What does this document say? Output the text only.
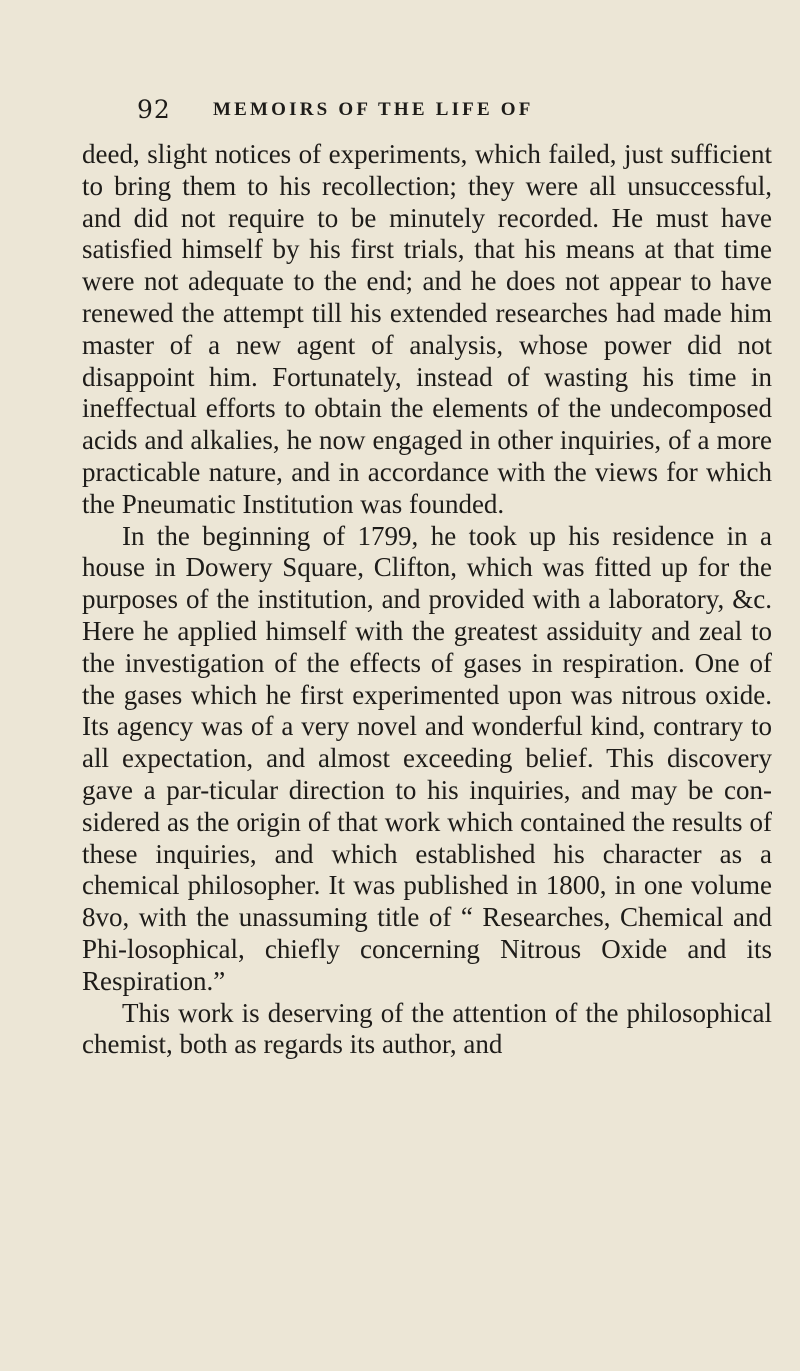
92 MEMOIRS OF THE LIFE OF

deed, slight notices of experiments, which failed, just sufficient to bring them to his recollection; they were all unsuccessful, and did not require to be minutely recorded. He must have satisfied himself by his first trials, that his means at that time were not adequate to the end; and he does not appear to have renewed the attempt till his extended researches had made him master of a new agent of analysis, whose power did not disappoint him. Fortunately, instead of wasting his time in ineffectual efforts to obtain the elements of the undecomposed acids and alkalies, he now engaged in other inquiries, of a more practicable nature, and in accordance with the views for which the Pneumatic Institution was founded.

In the beginning of 1799, he took up his residence in a house in Dowery Square, Clifton, which was fitted up for the purposes of the institution, and provided with a laboratory, &c. Here he applied himself with the greatest assiduity and zeal to the investigation of the effects of gases in respiration. One of the gases which he first experimented upon was nitrous oxide. Its agency was of a very novel and wonderful kind, contrary to all expectation, and almost exceeding belief. This discovery gave a par-ticular direction to his inquiries, and may be con-sidered as the origin of that work which contained the results of these inquiries, and which established his character as a chemical philosopher. It was published in 1800, in one volume 8vo, with the unassuming title of “ Researches, Chemical and Phi-losophical, chiefly concerning Nitrous Oxide and its Respiration.”

This work is deserving of the attention of the philosophical chemist, both as regards its author, and
